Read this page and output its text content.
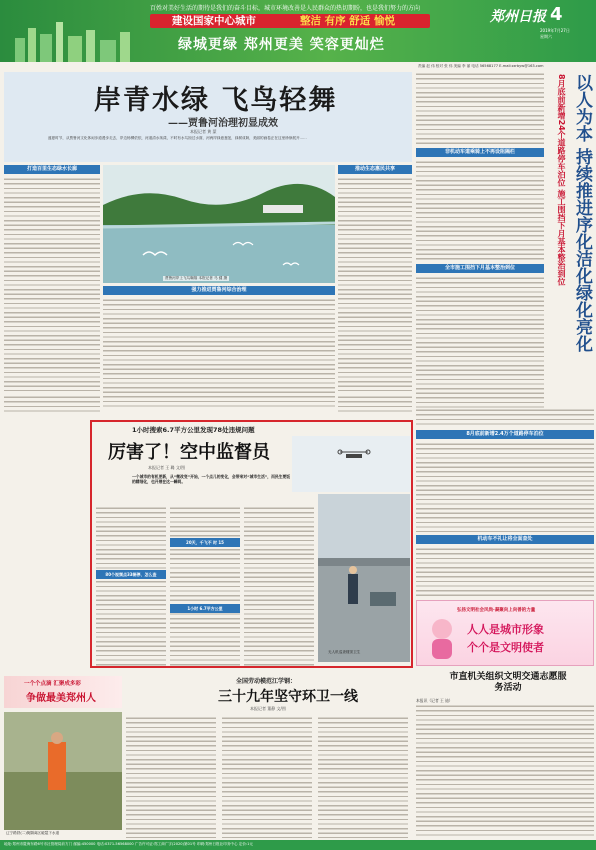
百姓对美好生活的期待是我们的奋斗目标，城市环境改善是人民群众的热切期盼，也是我们努力的方向
建设国家中心城市	整洁 有序 舒适 愉悦
绿城更绿 郑州更美 笑容更灿烂
郑州日报 4
2019年7月27日
星期六
责编 赵 伟 校对 张 伟 美编 李 丽 电话 56568177 E-mail:zzrbyw@163.com
岸青水绿 飞鸟轻舞
——贾鲁河治理初显成效
本报记者 黄 蒙
盛夏时节，从贾鲁河文化休闲步道漫步走去，岸边杨柳依依，河道清水荡漾，不时有水鸟掠过水面，河两岸绿意葱茏，绿树成荫，美丽的画卷正在这里徐徐展开……
打造百里生态绿水长廊
贾鲁河岸上飞鸟翱翔 本报记者 马 健 摄
推动生态惠民共享
强力推进贾鲁河综合治理
8月底前新增24个道路停车泊位 施工围挡下月基本整治到位 以人为本 持续推进序化洁化绿化亮化
非机动车道乘骑上不再设阻隔栏
全市施工围挡下月基本整治到位
8月底前新增2.4万个道路停车泊位
机动车不礼让将全面查处
弘扬文明社会风尚·凝聚向上向善的力量
人人是城市形象
个个是文明使者
1小时搜索6.7平方公里发现78处违规问题
厉害了！空中监督员
本报记者 王 璐 文/图
一个城市的有机更新，从“微改变”开始，一个点儿的变化，会带来对“城市生活”，而民生要饭的精细化，也开展在这一瞬间。
80个视频点33辆停、怎么查
20天，千飞不 时 15
1小时 6.7平方公里
无人机巡查楼顶卫生
一个个点滴 汇聚成多彩
争做最美郑州人
辽宁路铁(二)街隔离区破裂下水道
全国劳动模范江学钢：
三十九年坚守环卫一线
本报记者 董静 文/图
市直机关组织文明交通志愿服务活动
本报讯（记者 王 迪）
地址:郑州市陇海东路6号市社管理局前方门 邮编:450000 电话:0371-56568000 广告许可证:郑工商广字(2020)第01号 印刷:郑州日报社印务中心 定价:1元
